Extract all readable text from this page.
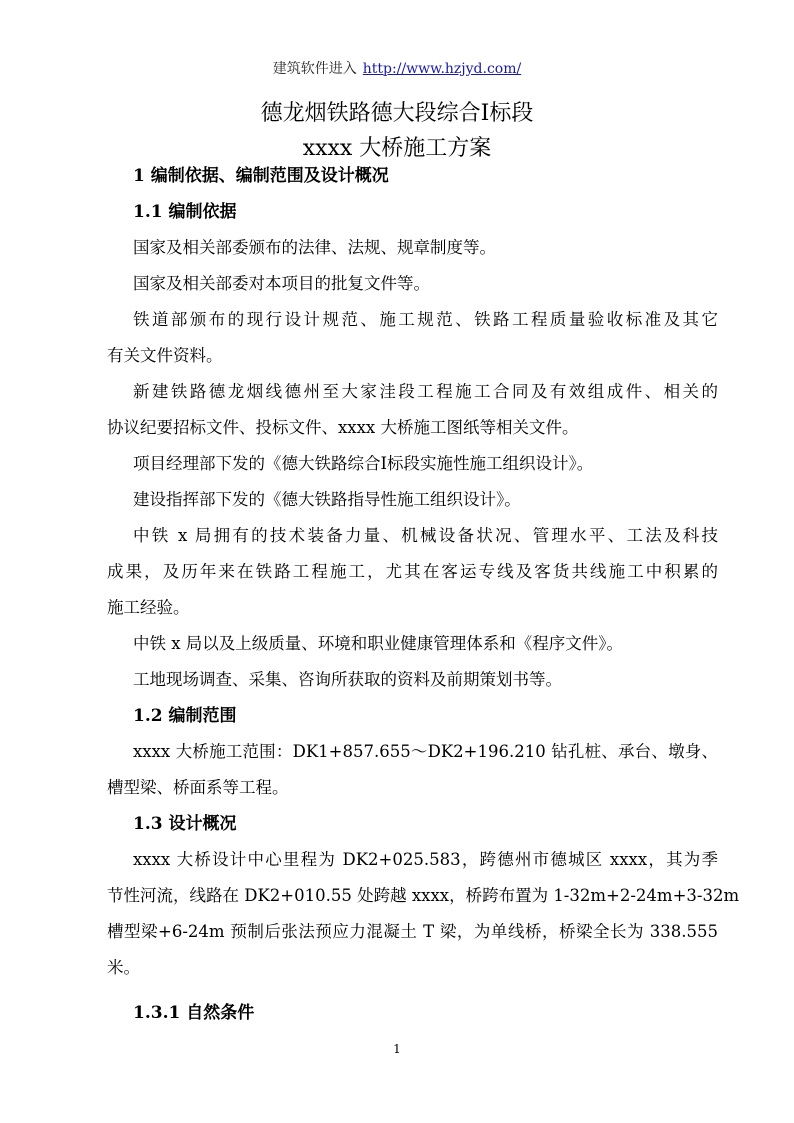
建筑软件进入 http://www.hzjyd.com/
德龙烟铁路德大段综合Ⅰ标段
xxxx 大桥施工方案
1 编制依据、编制范围及设计概况
1.1 编制依据
国家及相关部委颁布的法律、法规、规章制度等。
国家及相关部委对本项目的批复文件等。
铁道部颁布的现行设计规范、施工规范、铁路工程质量验收标准及其它
有关文件资料。
新建铁路德龙烟线德州至大家洼段工程施工合同及有效组成件、相关的
协议纪要招标文件、投标文件、xxxx 大桥施工图纸等相关文件。
项目经理部下发的《德大铁路综合Ⅰ标段实施性施工组织设计》。
建设指挥部下发的《德大铁路指导性施工组织设计》。
中铁 x 局拥有的技术装备力量、机械设备状况、管理水平、工法及科技
成果，及历年来在铁路工程施工，尤其在客运专线及客货共线施工中积累的
施工经验。
中铁 x 局以及上级质量、环境和职业健康管理体系和《程序文件》。
工地现场调查、采集、咨询所获取的资料及前期策划书等。
1.2 编制范围
xxxx 大桥施工范围：DK1+857.655～DK2+196.210 钻孔桩、承台、墩身、
槽型梁、桥面系等工程。
1.3 设计概况
xxxx 大桥设计中心里程为 DK2+025.583，跨德州市德城区 xxxx，其为季
节性河流，线路在 DK2+010.55 处跨越 xxxx，桥跨布置为 1-32m+2-24m+3-32m
槽型梁+6-24m 预制后张法预应力混凝土 T 梁，为单线桥，桥梁全长为 338.555
米。
1.3.1 自然条件
1
